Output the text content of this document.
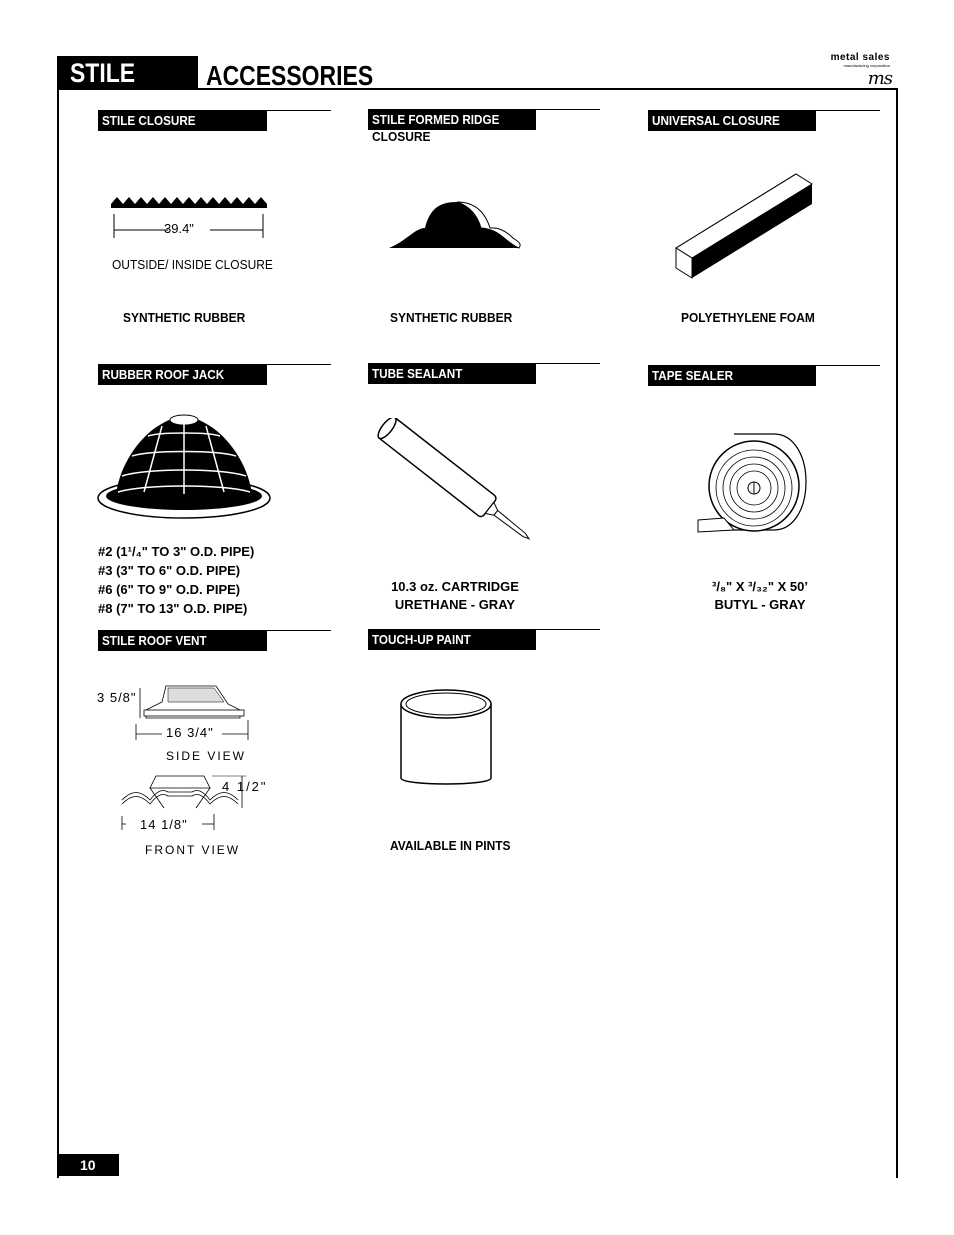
STILE	ACCESSORIES
metal sales
manufacturing corporation
ms
STILE CLOSURE
39.4"
OUTSIDE/ INSIDE CLOSURE
SYNTHETIC RUBBER
STILE FORMED RIDGE
CLOSURE
SYNTHETIC RUBBER
UNIVERSAL CLOSURE
POLYETHYLENE FOAM
RUBBER ROOF JACK
#2 (1¹/₄" TO 3" O.D. PIPE)
#3 (3" TO 6" O.D. PIPE)
#6 (6" TO 9" O.D. PIPE)
#8 (7" TO 13" O.D. PIPE)
TUBE SEALANT
10.3 oz. CARTRIDGE
URETHANE - GRAY
TAPE SEALER
³/₈" X ³/₃₂" X 50’
BUTYL - GRAY
STILE ROOF VENT
3 5/8"
16 3/4"
SIDE VIEW
4 1/2"
14 1/8"
FRONT VIEW
TOUCH-UP PAINT
AVAILABLE IN PINTS
10
